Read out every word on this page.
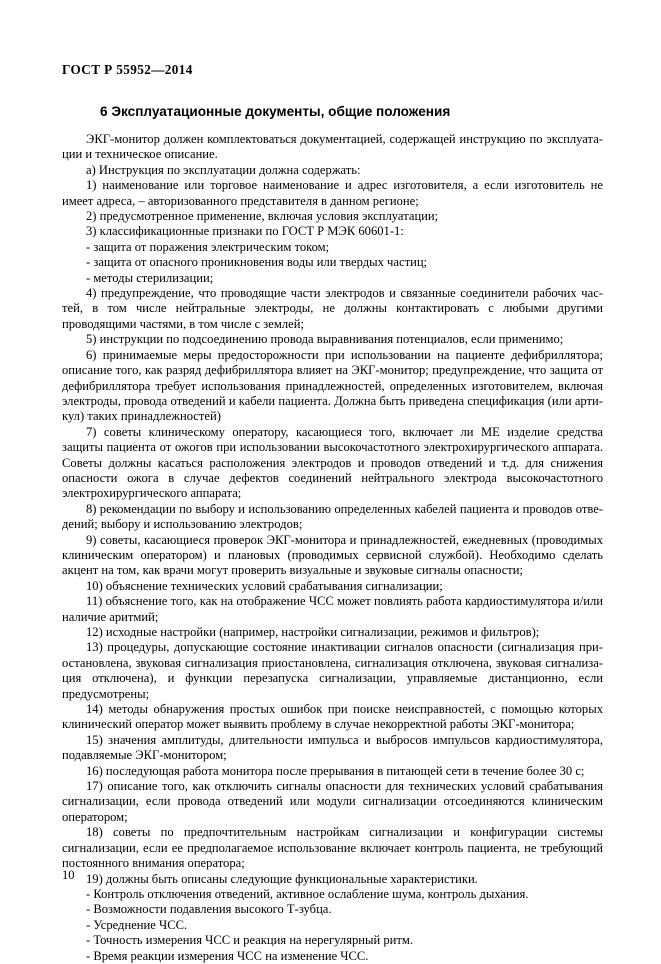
ГОСТ Р 55952—2014
6 Эксплуатационные документы, общие положения

ЭКГ-монитор должен комплектоваться документацией, содержащей инструкцию по эксплуатации и техническое описание.

а) Инструкция по эксплуатации должна содержать:

1) наименование или торговое наименование и адрес изготовителя, а если изготовитель не имеет адреса, – авторизованного представителя в данном регионе;

2) предусмотренное применение, включая условия эксплуатации;

3) классификационные признаки по ГОСТ Р МЭК 60601-1:

- защита от поражения электрическим током;

- защита от опасного проникновения воды или твердых частиц;

- методы стерилизации;

4) предупреждение, что проводящие части электродов и связанные соединители рабочих частей, в том числе нейтральные электроды, не должны контактировать с любыми другими проводящими частями, в том числе с землей;

5) инструкции по подсоединению провода выравнивания потенциалов, если применимо;

6) принимаемые меры предосторожности при использовании на пациенте дефибриллятора; описание того, как разряд дефибриллятора влияет на ЭКГ-монитор; предупреждение, что защита от дефибриллятора требует использования принадлежностей, определенных изготовителем, включая электроды, провода отведений и кабели пациента. Должна быть приведена спецификация (или артикул) таких принадлежностей)

7) советы клиническому оператору, касающиеся того, включает ли МЕ изделие средства защиты пациента от ожогов при использовании высокочастотного электрохирургического аппарата. Советы должны касаться расположения электродов и проводов отведений и т.д. для снижения опасности ожога в случае дефектов соединений нейтрального электрода высокочастотного электрохирургического аппарата;

8) рекомендации по выбору и использованию определенных кабелей пациента и проводов отведений; выбору и использованию электродов;

9) советы, касающиеся проверок ЭКГ-монитора и принадлежностей, ежедневных (проводимых клиническим оператором) и плановых (проводимых сервисной службой). Необходимо сделать акцент на том, как врачи могут проверить визуальные и звуковые сигналы опасности;

10) объяснение технических условий срабатывания сигнализации;

11) объяснение того, как на отображение ЧСС может повлиять работа кардиостимулятора и/или наличие аритмий;

12) исходные настройки (например, настройки сигнализации, режимов и фильтров);

13) процедуры, допускающие состояние инактивации сигналов опасности (сигнализация приостановлена, звуковая сигнализация приостановлена, сигнализация отключена, звуковая сигнализация отключена), и функции перезапуска сигнализации, управляемые дистанционно, если предусмотрены;

14) методы обнаружения простых ошибок при поиске неисправностей, с помощью которых клинический оператор может выявить проблему в случае некорректной работы ЭКГ-монитора;

15) значения амплитуды, длительности импульса и выбросов импульсов кардиостимулятора, подавляемые ЭКГ-монитором;

16) последующая работа монитора после прерывания в питающей сети в течение более 30 с;

17) описание того, как отключить сигналы опасности для технических условий срабатывания сигнализации, если провода отведений или модули сигнализации отсоединяются клиническим оператором;

18) советы по предпочтительным настройкам сигнализации и конфигурации системы сигнализации, если ее предполагаемое использование включает контроль пациента, не требующий постоянного внимания оператора;

19) должны быть описаны следующие функциональные характеристики.

- Контроль отключения отведений, активное ослабление шума, контроль дыхания.

- Возможности подавления высокого Т-зубца.

- Усреднение ЧСС.

- Точность измерения ЧСС и реакция на нерегулярный ритм.

- Время реакции измерения ЧСС на изменение ЧСС.

10
